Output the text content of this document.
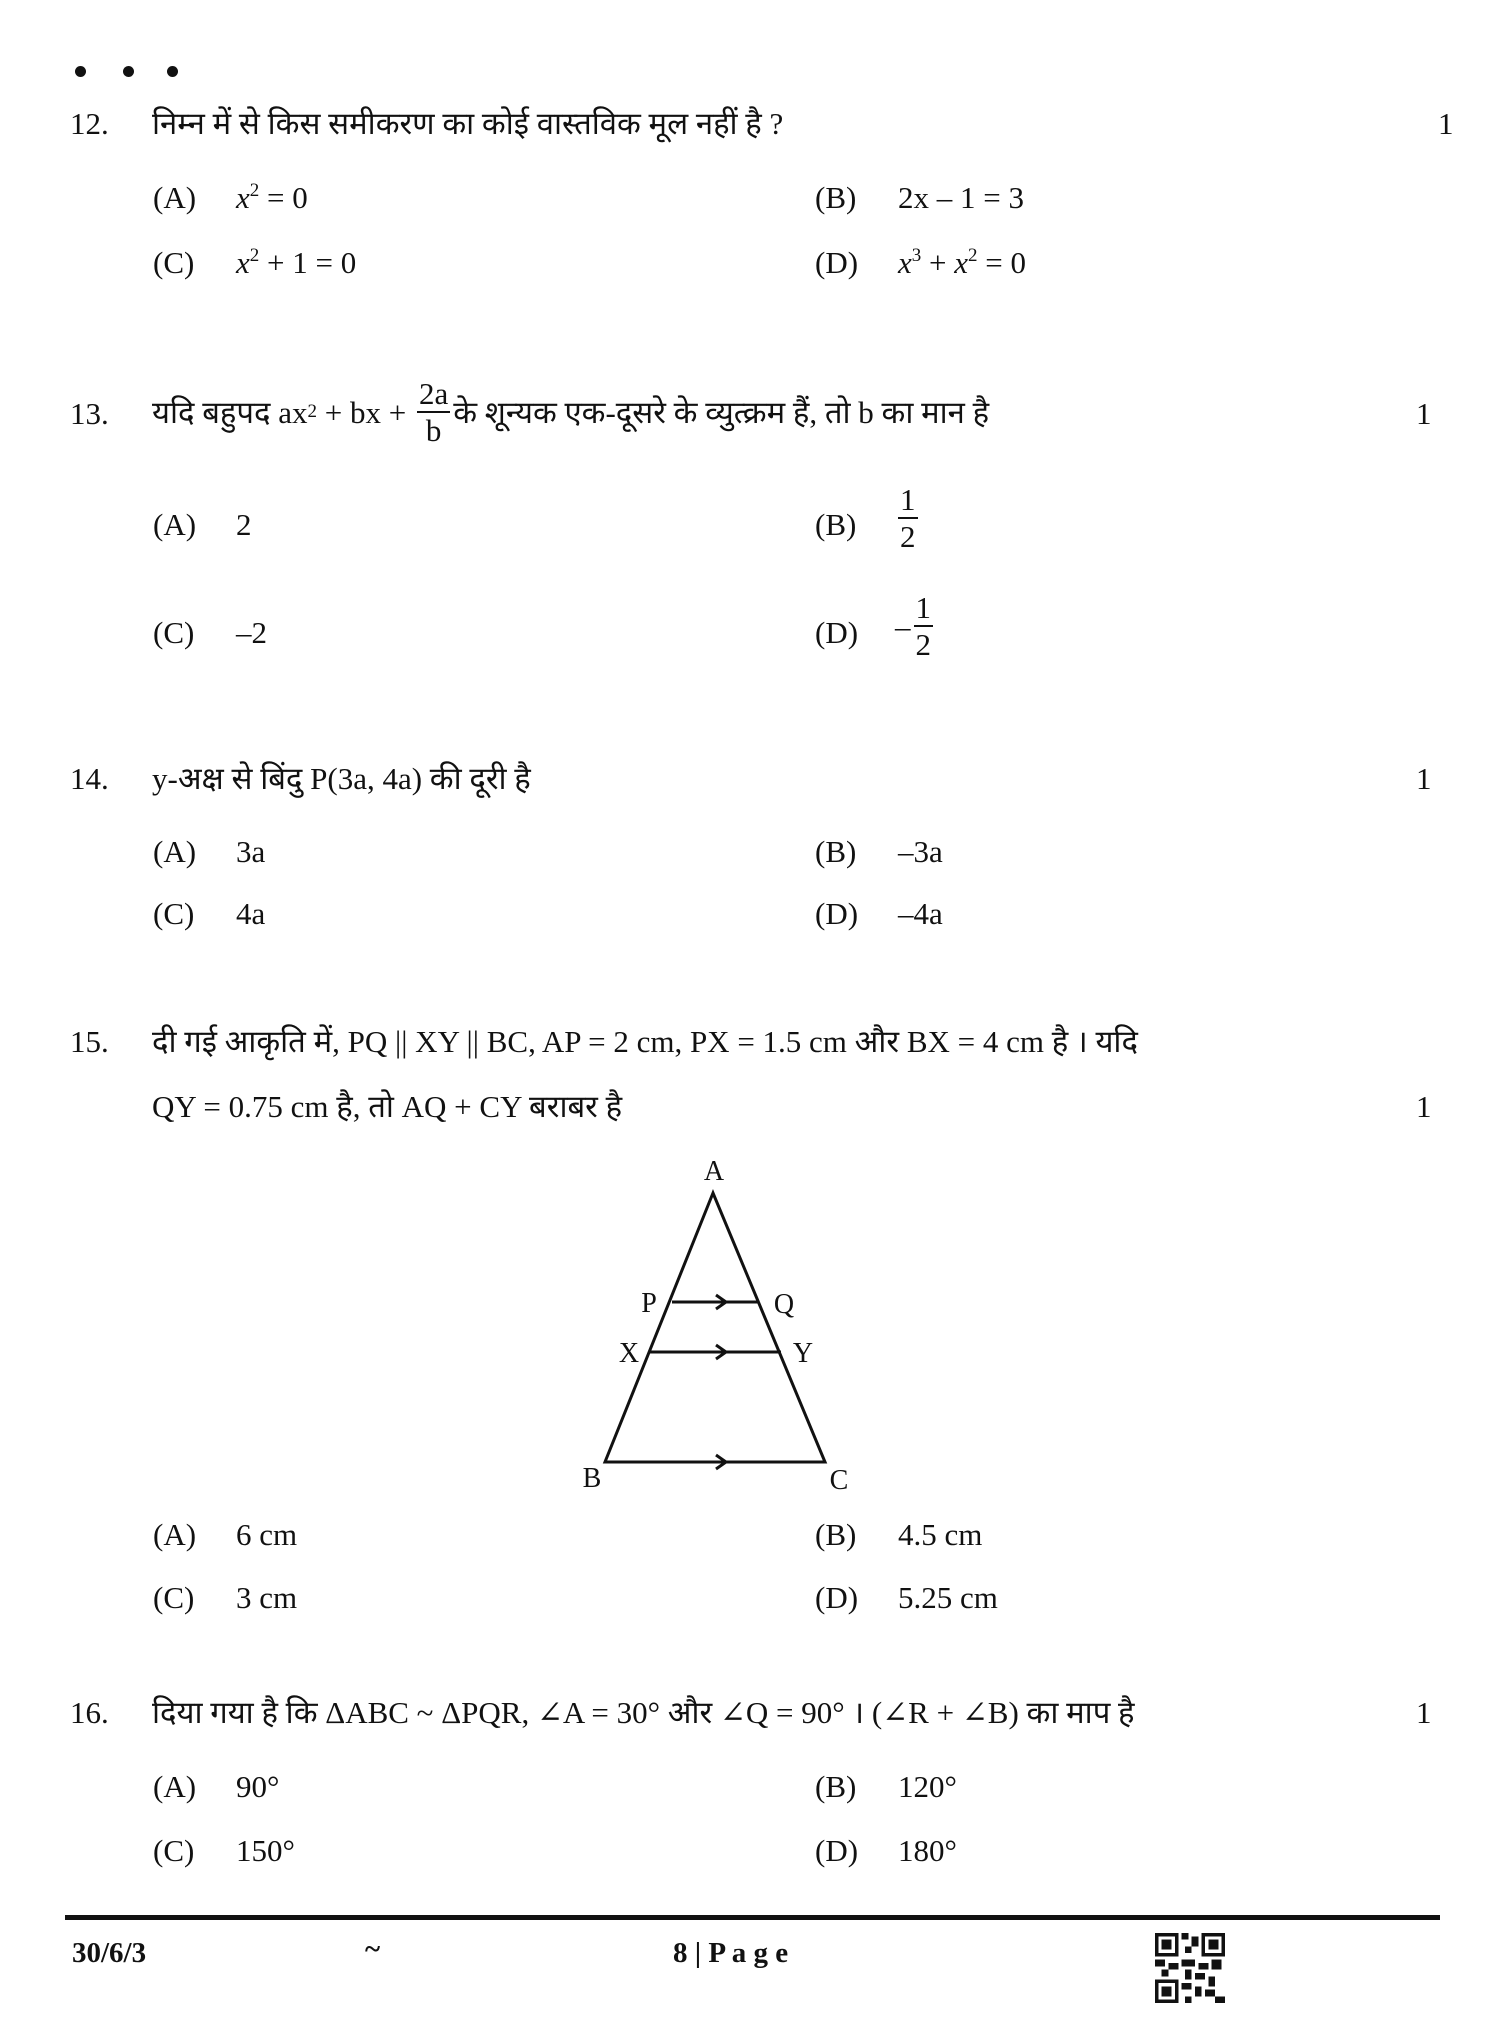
12. निम्न में से किस समीकरण का कोई वास्तविक मूल नहीं है ?	1
(A) $x^2 = 0$	(B) 2x – 1 = 3
(C) $x^2 + 1 = 0$	(D) $x^3 + x^2 = 0$
13. यदि बहुपद ax 2 + bx + $\frac{2a}{b}$ के शून्यक एक-दूसरे के व्युत्क्रम हैं, तो b का मान है	1
(A) 2	$(B) \frac{1}{2}$
(C) –2	$(D) - \frac{1}{2}$
14. y-अक्ष से बिंदु P(3a, 4a) की दूरी है	1
(A) 3a	(B) –3a
(C) 4a	(D) –4a
15. दी गई आकृति में, PQ || XY || BC, AP = 2 cm, PX = 1.5 cm और BX = 4 cm है । यदि
QY = 0.75 cm है, तो AQ + CY बराबर है	1
A
P	Q
X	Y
B	C
(A) 6 cm	(B) 4.5 cm
(C) 3 cm	(D) 5.25 cm
16. दिया गया है कि ΔABC ~ ΔPQR, ∠A = 30° और ∠Q = 90° । (∠R + ∠B) का माप है	1
(A) 90°	(B) 120°
(C) 150°	(D) 180°
30/6/3	~	8 | P a g e
